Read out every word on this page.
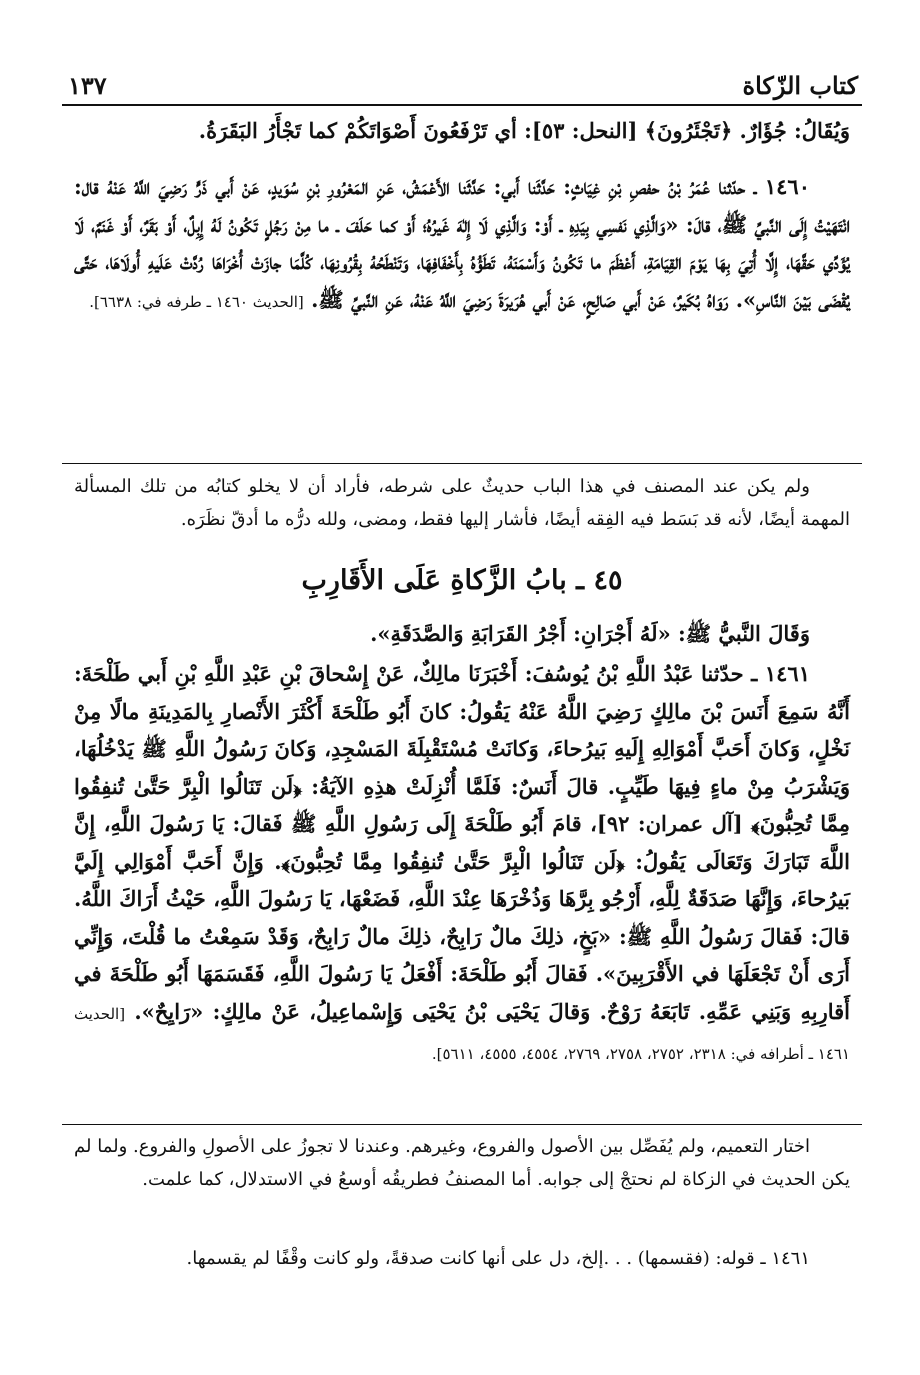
كتاب الزّكاة
١٣٧

وَيُقَالُ: جُؤَارٌ. ﴿تَجْئَرُونَ﴾ [النحل: ٥٣]: أي تَرْفَعُونَ أَصْوَاتَكُمْ كما تَجْأَرُ البَقَرَةُ.

١٤٦٠ ـ حدّثنا عُمَرُ بْنُ حفصِ بْنِ غِيَاثٍ: حَدَّثَنا أَبي: حَدَّثَنا الأَعْمَشُ، عَنِ المَعْرُورِ بْنِ سُوَيدٍ، عَنْ أَبي ذَرٍّ رَضِيَ اللَّهُ عَنْهُ قال: انْتَهَيْتُ إِلَى النَّبيِّ ﷺ، قالَ: «وَالَّذِي نَفسِي بِيَدِهِ ـ أَوْ: وَالَّذِي لَا إِلٰهَ غَيرُهُ؛ أَوْ كما حَلَفَ ـ ما مِنْ رَجُلٍ تَكُونُ لَهُ إِبِلٌ، أَوْ بَقَرٌ، أَوْ غَنَمٌ، لَا يُؤَدِّي حَقَّهَا، إِلَّا أُتِيَ بِهَا يَوْمَ القِيَامَةِ، أَعْظَمَ ما تَكُونُ وَأَسْمَنَهُ، تَطَؤُهُ بِأَخْفَافِهَا، وَتَنْطَحُهُ بِقُرُونِهَا، كُلَّمَا جازَتْ أُخْرَاهَا رُدَّتْ عَلَيهِ أُولَاهَا، حَتَّى يُقْضَى بَيْنَ النَّاسِ». رَوَاهُ بُكَيرٌ، عَنْ أَبي صَالِحٍ، عَنْ أَبي هُرَيرَةَ رَضِيَ اللَّهُ عَنْهُ، عَنِ النَّبيِّ ﷺ. [الحديث ١٤٦٠ ـ طرفه في: ٦٦٣٨].

ولم يكن عند المصنف في هذا الباب حديثٌ على شرطه، فأراد أن لا يخلو كتابُه من تلك المسألة المهمة أيضًا، لأنه قد بَسَط فيه الفِقه أيضًا، فأشار إليها فقط، ومضى، ولله درُّه ما أدقّ نظَرَه.

٤٥ ـ بابُ الزَّكاةِ عَلَى الأَقَارِبِ

وَقَالَ النَّبيُّ ﷺ: «لَهُ أَجْرَانِ: أَجْرُ القَرَابَةِ وَالصَّدَقَةِ».

١٤٦١ ـ حدّثنا عَبْدُ اللَّهِ بْنُ يُوسُفَ: أَخْبَرَنَا مالِكٌ، عَنْ إِسْحاقَ بْنِ عَبْدِ اللَّهِ بْنِ أَبي طَلْحَةَ: أَنَّهُ سَمِعَ أَنَسَ بْنَ مالِكٍ رَضِيَ اللَّهُ عَنْهُ يَقُولُ: كانَ أَبُو طَلْحَةَ أَكْثَرَ الأَنْصارِ بِالمَدِينَةِ مالًا مِنْ نَخْلٍ، وَكانَ أَحَبَّ أَمْوَالِهِ إِلَيهِ بَيرُحاءَ، وَكانَتْ مُسْتَقْبِلَةَ المَسْجِدِ، وَكانَ رَسُولُ اللَّهِ ﷺ يَدْخُلُهَا، وَيَشْرَبُ مِنْ ماءٍ فِيهَا طَيِّبٍ. قالَ أَنَسٌ: فَلَمَّا أُنْزِلَتْ هذِهِ الآيَةُ: ﴿لَن تَنَالُوا الْبِرَّ حَتَّىٰ تُنفِقُوا مِمَّا تُحِبُّونَ﴾ [آل عمران: ٩٢]، قامَ أَبُو طَلْحَةَ إِلَى رَسُولِ اللَّهِ ﷺ فَقالَ: يَا رَسُولَ اللَّهِ، إِنَّ اللَّهَ تَبَارَكَ وَتَعَالَى يَقُولُ: ﴿لَن تَنَالُوا الْبِرَّ حَتَّىٰ تُنفِقُوا مِمَّا تُحِبُّونَ﴾. وَإِنَّ أَحَبَّ أَمْوَالِي إِلَيَّ بَيرُحاءَ، وَإِنَّهَا صَدَقَةٌ لِلَّهِ، أَرْجُو بِرَّهَا وَذُخْرَهَا عِنْدَ اللَّهِ، فَضَعْهَا، يَا رَسُولَ اللَّهِ، حَيْثُ أَرَاكَ اللَّهُ. قالَ: فَقالَ رَسُولُ اللَّهِ ﷺ: «بَخٍ، ذلِكَ مالٌ رَابِحٌ، ذلِكَ مالٌ رَابِحٌ، وَقَدْ سَمِعْتُ ما قُلْتَ، وَإِنِّي أَرَى أَنْ تَجْعَلَهَا في الأَقْرَبِينَ». فَقالَ أَبُو طَلْحَةَ: أَفْعَلُ يَا رَسُولَ اللَّهِ، فَقَسَمَهَا أَبُو طَلْحَةَ في أَقارِبِهِ وَبَنِي عَمِّهِ. تَابَعَهُ رَوْحٌ. وَقالَ يَحْيَى بْنُ يَحْيَى وَإِسْماعِيلُ، عَنْ مالِكٍ: «رَايِحٌ». [الحديث ١٤٦١ ـ أطرافه في: ٢٣١٨، ٢٧٥٢، ٢٧٥٨، ٢٧٦٩، ٤٥٥٤، ٤٥٥٥، ٥٦١١].

اختار التعميم، ولم يُفَصِّل بين الأصول والفروع، وغيرهم. وعندنا لا تجوزُ على الأصولِ والفروع. ولما لم يكن الحديث في الزكاة لم نحتجْ إلى جوابه. أما المصنفُ فطريقُه أوسعُ في الاستدلال، كما علمت.

١٤٦١ ـ قوله: (فقسمها) . . .إلخ، دل على أنها كانت صدقةً، ولو كانت وقْفًا لم يقسمها.
